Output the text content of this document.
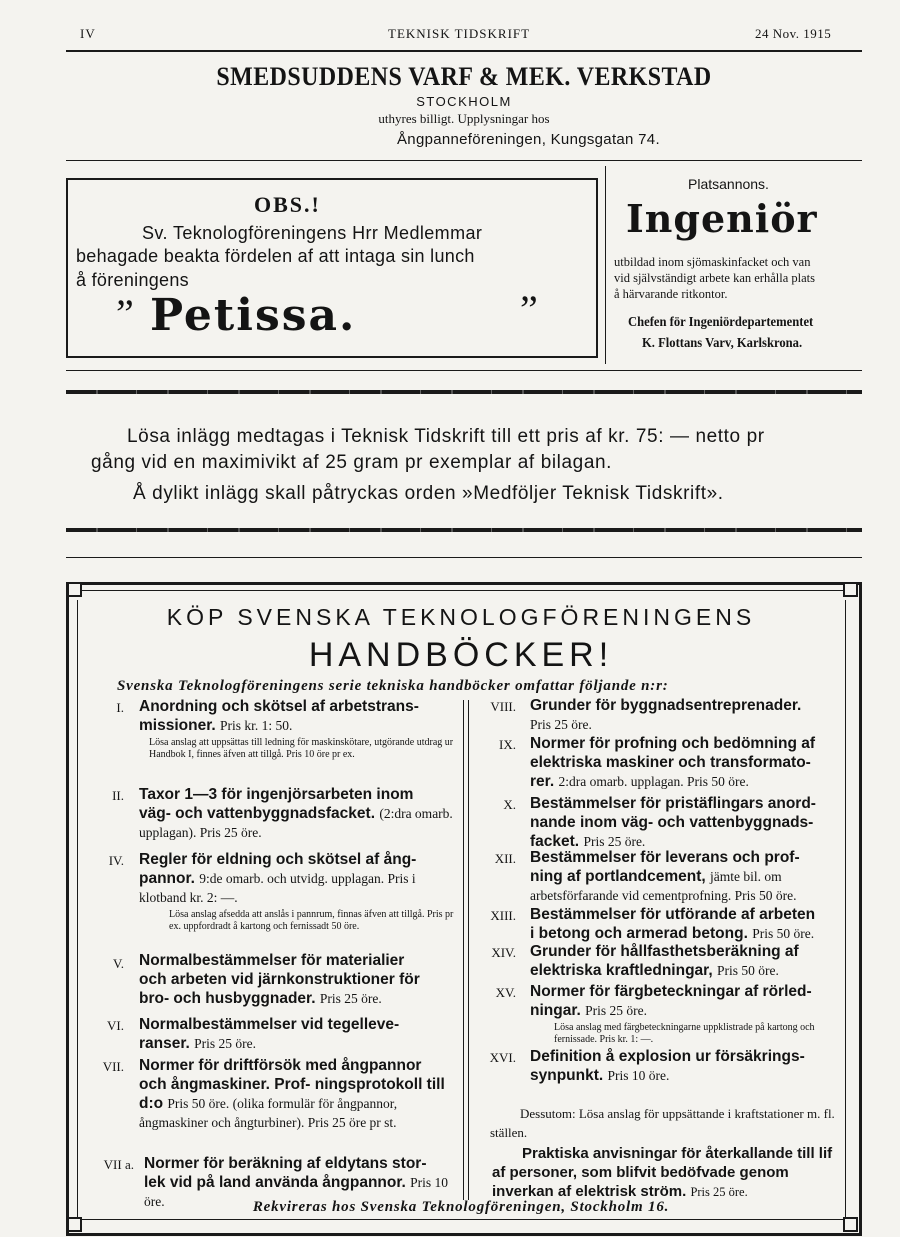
IV	TEKNISK TIDSKRIFT	24 Nov. 1915
SMEDSUDDENS VARF & MEK. VERKSTAD
STOCKHOLM
uthyres billigt. Upplysningar hos
Ångpanneföreningen, Kungsgatan 74.
OBS.!
Sv. Teknologföreningens Hrr Medlemmar
behagade beakta fördelen af att intaga sin lunch
å föreningens
” Petissa.	”
Platsannons.
Ingeniör
utbildad inom sjömaskinfacket och van
vid självständigt arbete kan erhålla plats
å härvarande ritkontor.
Chefen för Ingeniördepartementet
K. Flottans Varv, Karlskrona.
Lösa inlägg medtagas i Teknisk Tidskrift till ett pris af kr. 75: — netto pr
gång vid en maximivikt af 25 gram pr exemplar af bilagan.
Å dylikt inlägg skall påtryckas orden »Medföljer Teknisk Tidskrift».
KÖP SVENSKA TEKNOLOGFÖRENINGENS
HANDBÖCKER!
Svenska Teknologföreningens serie tekniska handböcker omfattar följande n:r:
I. Anordning och skötsel af arbetstrans-
missioner. Pris kr. 1: 50.
Lösa anslag att uppsättas till ledning för maskinskötare, utgörande utdrag ur Handbok I, finnes äfven att tillgå. Pris 10 öre pr ex.
II. Taxor 1—3 för ingenjörsarbeten inom
väg- och vattenbyggnadsfacket. (2:dra omarb. upplagan). Pris 25 öre.
IV. Regler för eldning och skötsel af ång-
pannor. 9:de omarb. och utvidg. upplagan. Pris i klotband kr. 2: —.
Lösa anslag afsedda att anslås i pannrum, finnas äfven att tillgå. Pris pr ex. uppfordradt å kartong och fernissadt 50 öre.
V. Normalbestämmelser för materialier
och arbeten vid järnkonstruktioner för
bro- och husbyggnader. Pris 25 öre.
VI. Normalbestämmelser vid tegelleve-
ranser. Pris 25 öre.
VII. Normer för driftförsök med ångpannor
och ångmaskiner. Prof- ningsprotokoll till d:o Pris 50 öre. (olika formulär för ångpannor, ångmaskiner och ångturbiner). Pris 25 öre pr st.
VII a. Normer för beräkning af eldytans stor-
lek vid på land använda ångpannor. Pris 10 öre.
VIII. Grunder för byggnadsentreprenader.
Pris 25 öre.
IX. Normer för profning och bedömning af
elektriska maskiner och transformato-
rer. 2:dra omarb. upplagan. Pris 50 öre.
X. Bestämmelser för pristäflingars anord-
nande inom väg- och vattenbyggnads-
facket. Pris 25 öre.
XII. Bestämmelser för leverans och prof-
ning af portlandcement, jämte bil. om arbetsförfarande vid cementprofning. Pris 50 öre.
XIII. Bestämmelser för utförande af arbeten
i betong och armerad betong. Pris 50 öre.
XIV. Grunder för hållfasthetsberäkning af
elektriska kraftledningar, Pris 50 öre.
XV. Normer för färgbeteckningar af rörled-
ningar. Pris 25 öre.
Lösa anslag med färgbeteckningarne uppklistrade på kartong och fernissade. Pris kr. 1: —.
XVI. Definition å explosion ur försäkrings-
synpunkt. Pris 10 öre.
Dessutom: Lösa anslag för uppsättande i kraftstationer m. fl. ställen.
Praktiska anvisningar för återkallande till lif af personer, som blifvit bedöfvade genom inverkan af elektrisk ström. Pris 25 öre.
Rekvireras hos Svenska Teknologföreningen, Stockholm 16.
